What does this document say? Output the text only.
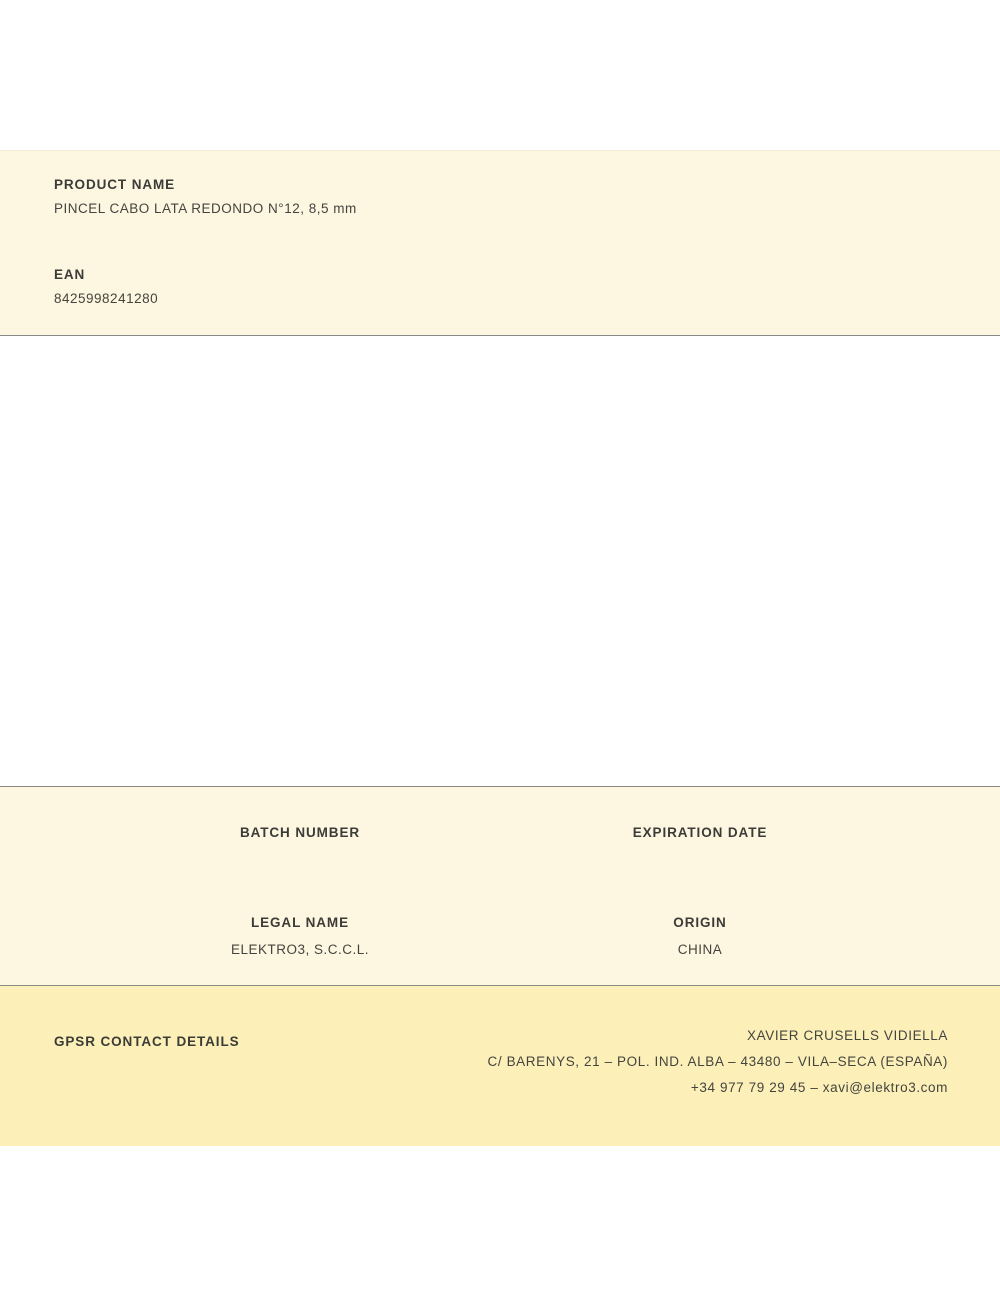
PRODUCT NAME

PINCEL CABO LATA REDONDO N°12, 8,5 mm

EAN

8425998241280

BATCH NUMBER	EXPIRATION DATE

LEGAL NAME

ELEKTRO3, S.C.C.L.

ORIGIN

CHINA

GPSR CONTACT DETAILS	XAVIER CRUSELLS VIDIELLA

C/ BARENYS, 21 – POL. IND. ALBA – 43480 – VILA–SECA (ESPAÑA)

+34 977 79 29 45 – xavi@elektro3.com
